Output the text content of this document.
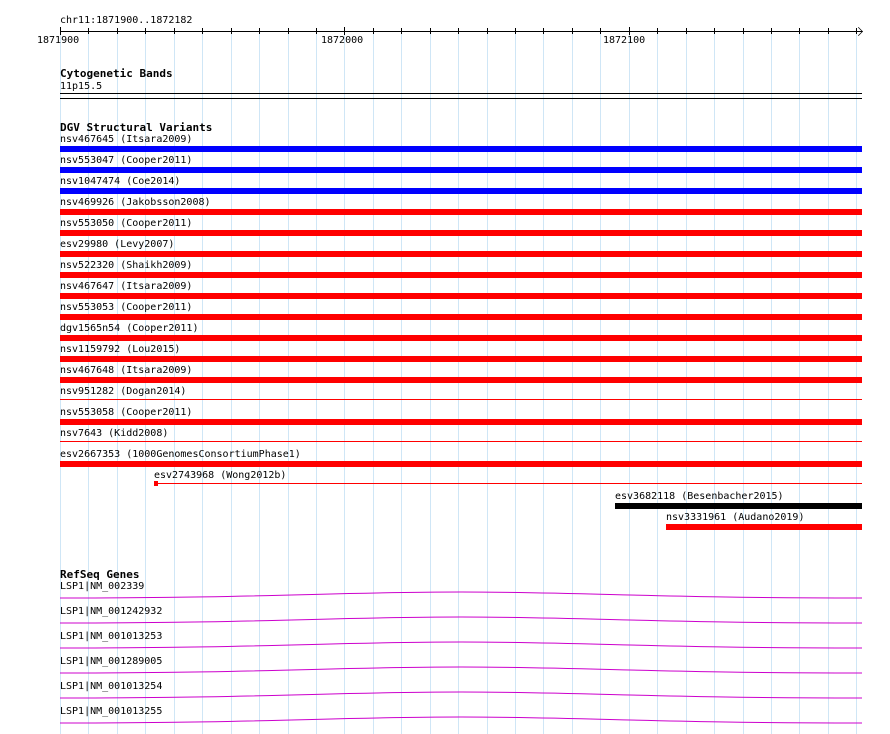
chr11:1871900..1872182
1871900	1872000	1872100
Cytogenetic Bands
11p15.5
DGV Structural Variants
nsv467645 (Itsara2009)
nsv553047 (Cooper2011)
nsv1047474 (Coe2014)
nsv469926 (Jakobsson2008)
nsv553050 (Cooper2011)
esv29980 (Levy2007)
nsv522320 (Shaikh2009)
nsv467647 (Itsara2009)
nsv553053 (Cooper2011)
dgv1565n54 (Cooper2011)
nsv1159792 (Lou2015)
nsv467648 (Itsara2009)
nsv951282 (Dogan2014)
nsv553058 (Cooper2011)
nsv7643 (Kidd2008)
esv2667353 (1000GenomesConsortiumPhase1)
esv2743968 (Wong2012b)
esv3682118 (Besenbacher2015)
nsv3331961 (Audano2019)
RefSeq Genes
LSP1|NM_002339
LSP1|NM_001242932
LSP1|NM_001013253
LSP1|NM_001289005
LSP1|NM_001013254
LSP1|NM_001013255
